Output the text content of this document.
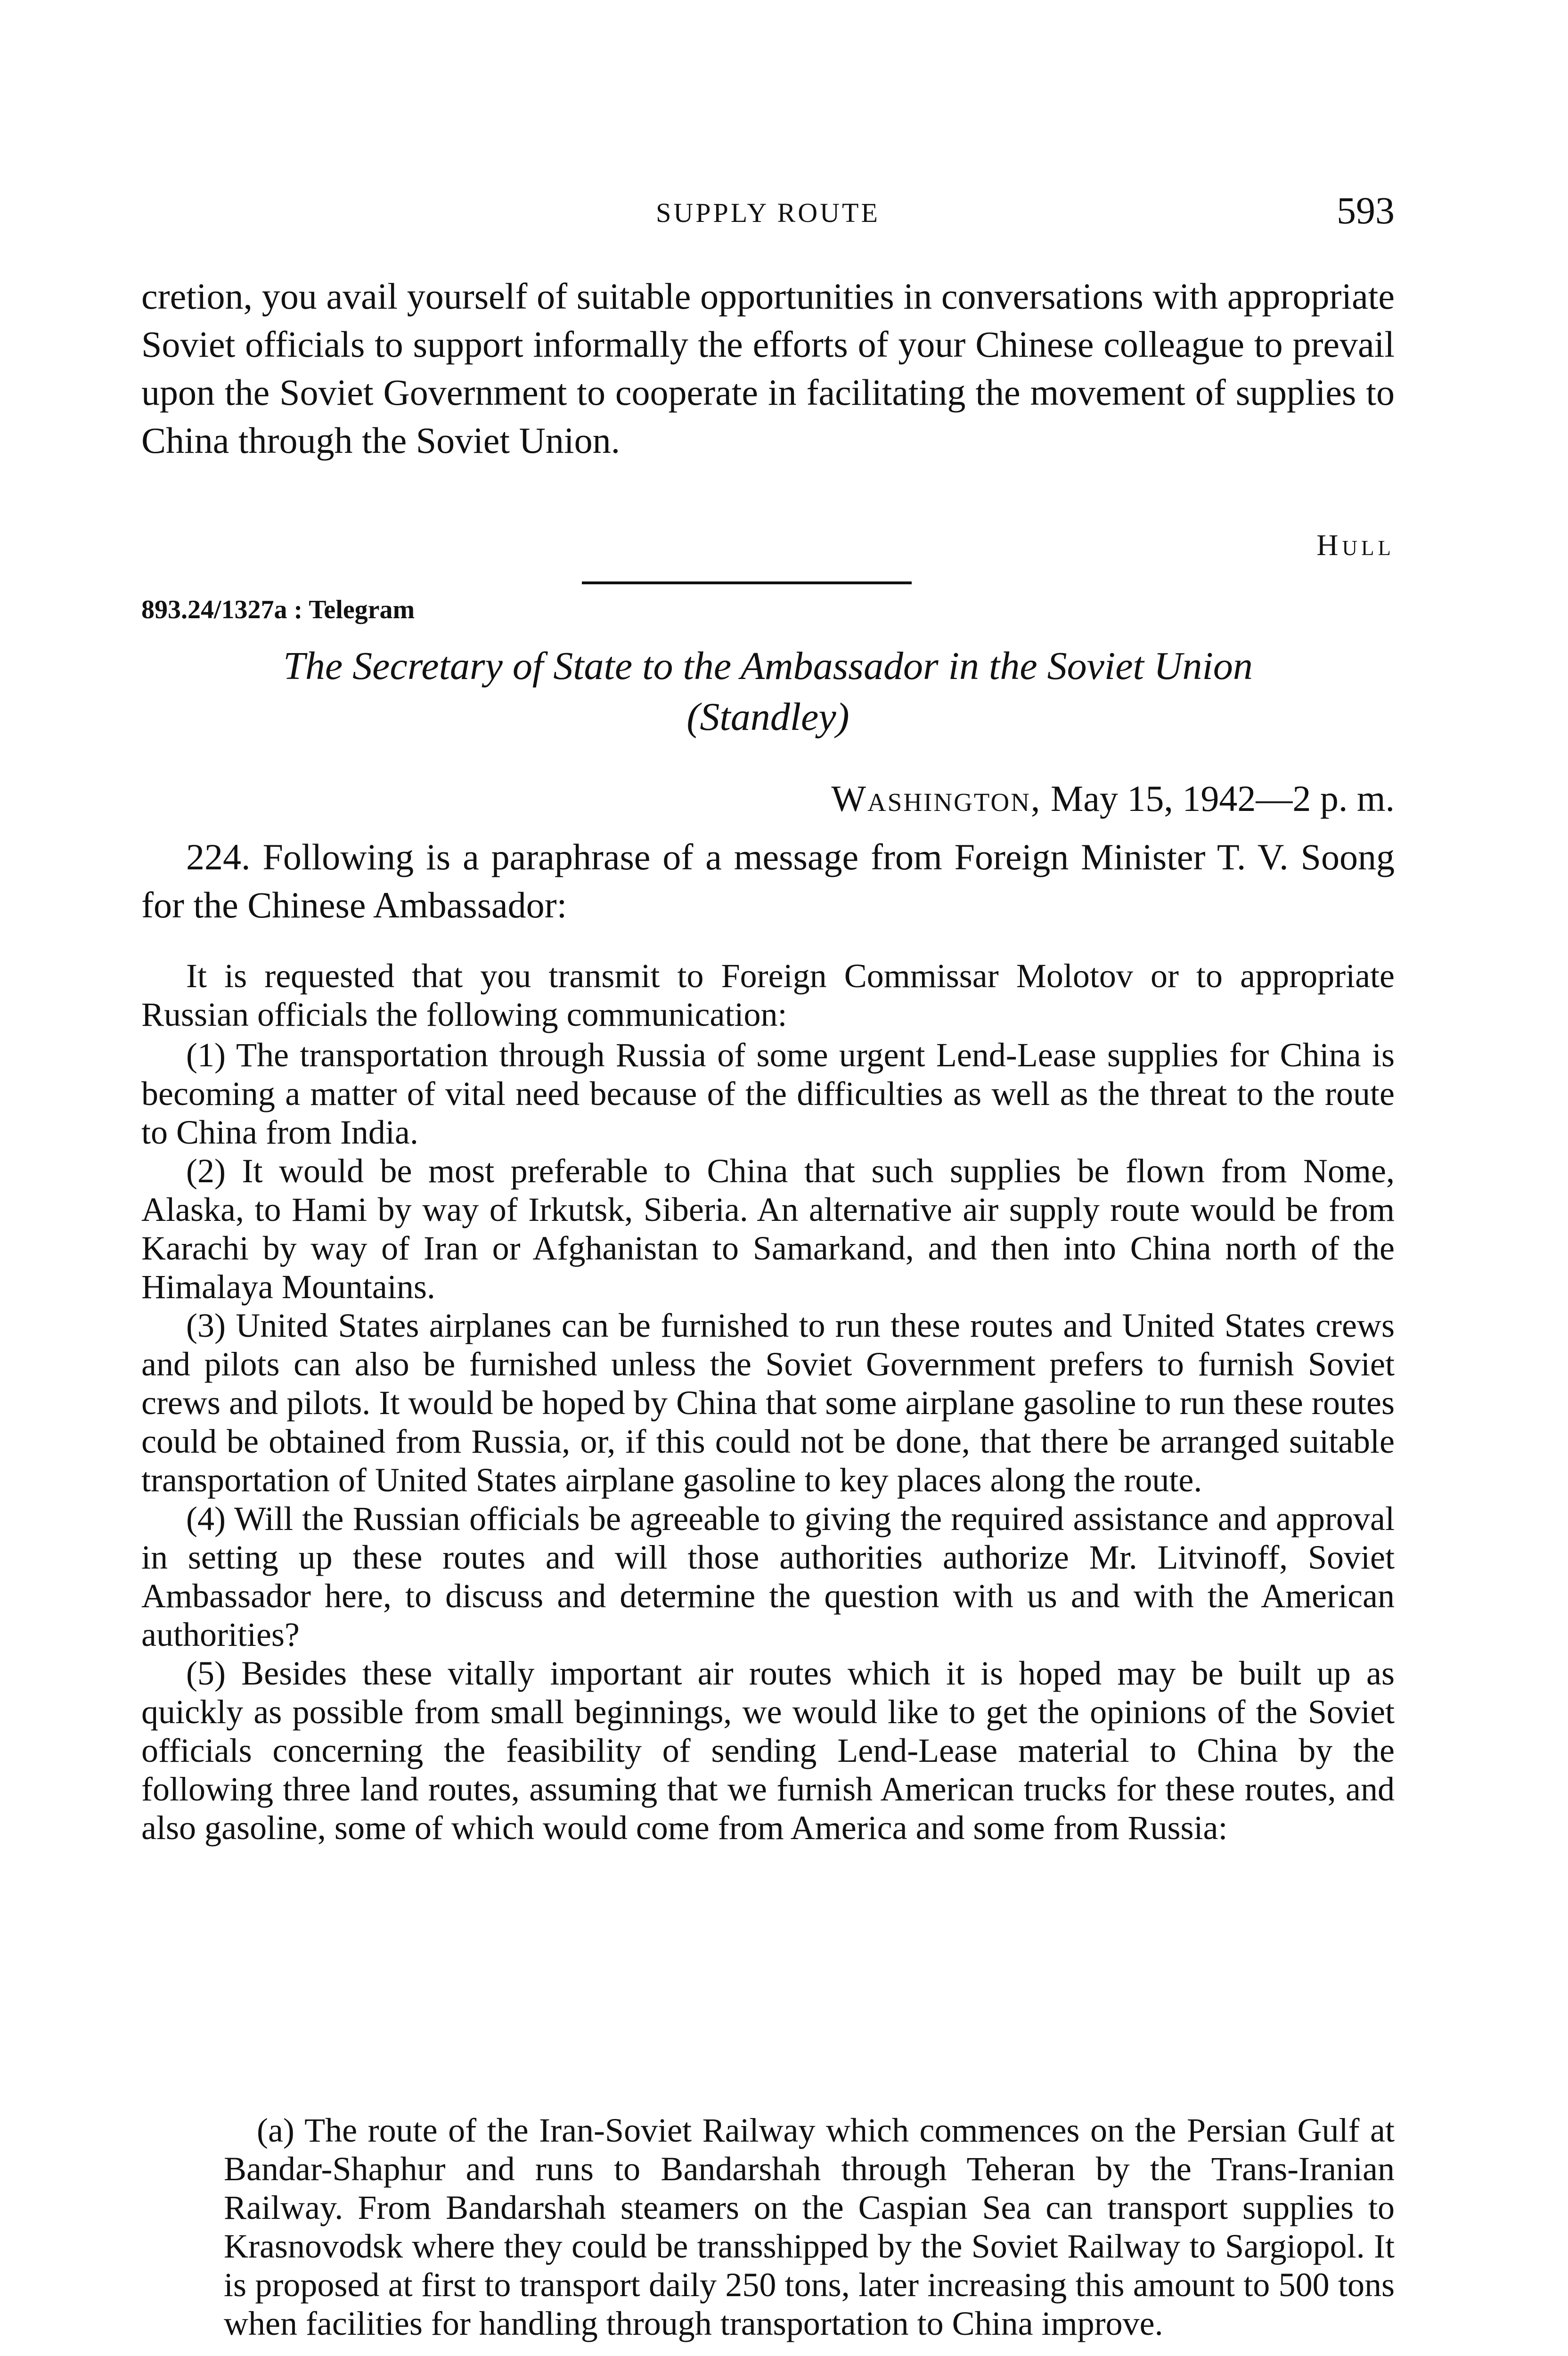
SUPPLY ROUTE	593

cretion, you avail yourself of suitable opportunities in conversations with appropriate Soviet officials to support informally the efforts of your Chinese colleague to prevail upon the Soviet Government to cooperate in facilitating the movement of supplies to China through the Soviet Union.

Hull
893.24/1327a : Telegram
The Secretary of State to the Ambassador in the Soviet Union
(Standley)
Washington, May 15, 1942—2 p. m.

224. Following is a paraphrase of a message from Foreign Minister T. V. Soong for the Chinese Ambassador:

It is requested that you transmit to Foreign Commissar Molotov or to appropriate Russian officials the following communication:

(1) The transportation through Russia of some urgent Lend-Lease supplies for China is becoming a matter of vital need because of the difficulties as well as the threat to the route to China from India.

(2) It would be most preferable to China that such supplies be flown from Nome, Alaska, to Hami by way of Irkutsk, Siberia. An alternative air supply route would be from Karachi by way of Iran or Afghanistan to Samarkand, and then into China north of the Himalaya Mountains.

(3) United States airplanes can be furnished to run these routes and United States crews and pilots can also be furnished unless the Soviet Government prefers to furnish Soviet crews and pilots. It would be hoped by China that some airplane gasoline to run these routes could be obtained from Russia, or, if this could not be done, that there be arranged suitable transportation of United States airplane gasoline to key places along the route.

(4) Will the Russian officials be agreeable to giving the required assistance and approval in setting up these routes and will those authorities authorize Mr. Litvinoff, Soviet Ambassador here, to discuss and determine the question with us and with the American authorities?

(5) Besides these vitally important air routes which it is hoped may be built up as quickly as possible from small beginnings, we would like to get the opinions of the Soviet officials concerning the feasibility of sending Lend-Lease material to China by the following three land routes, assuming that we furnish American trucks for these routes, and also gasoline, some of which would come from America and some from Russia:

(a) The route of the Iran-Soviet Railway which commences on the Persian Gulf at Bandar-Shaphur and runs to Bandarshah through Teheran by the Trans-Iranian Railway. From Bandarshah steamers on the Caspian Sea can transport supplies to Krasnovodsk where they could be transshipped by the Soviet Railway to Sargiopol. It is proposed at first to transport daily 250 tons, later increasing this amount to 500 tons when facilities for handling through transportation to China improve.
